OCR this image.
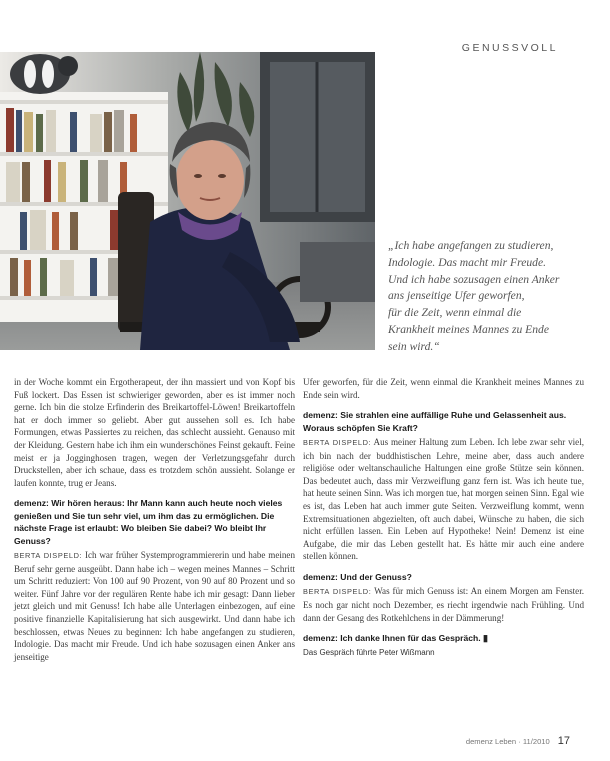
GENUSSVOLL
„Ich habe angefangen zu studieren,
Indologie. Das macht mir Freude.
Und ich habe sozusagen einen Anker
ans jenseitige Ufer geworfen,
für die Zeit, wenn einmal die
Krankheit meines Mannes zu Ende
sein wird.“

in der Woche kommt ein Ergotherapeut, der ihn massiert und von Kopf bis Fuß lockert. Das Essen ist schwieriger geworden, aber es ist immer noch gerne. Ich bin die stolze Erfinderin des Breikartoffel-Löwen! Breikartoffeln hat er doch immer so geliebt. Aber gut aussehen soll es. Ich habe Formungen, etwas Passiertes zu reichen, das schlecht aussieht. Genauso mit der Kleidung. Gestern habe ich ihm ein wunderschönes Feinst gekauft. Feine meist er ja Jogginghosen tragen, wegen der Verletzungsgefahr durch Druckstellen, aber ich schaue, dass es trotzdem schön aussieht. Solange er laufen konnte, trug er Jeans.

demenz: Wir hören heraus: Ihr Mann kann auch heute noch vieles genießen und Sie tun sehr viel, um ihm das zu ermöglichen. Die nächste Frage ist erlaubt: Wo bleiben Sie dabei? Wo bleibt Ihr Genuss?

BERTA DISPELD: Ich war früher Systemprogrammiererin und habe meinen Beruf sehr gerne ausgeübt. Dann habe ich – wegen meines Mannes – Schritt um Schritt reduziert: Von 100 auf 90 Prozent, von 90 auf 80 Prozent und so weiter. Fünf Jahre vor der regulären Rente habe ich mir gesagt: Dann lieber jetzt gleich und mit Genuss! Ich habe alle Unterlagen einbezogen, auf eine positive finanzielle Kapitalisierung hat sich ausgewirkt. Und dann habe ich beschlossen, etwas Neues zu beginnen: Ich habe angefangen zu studieren, Indologie. Das macht mir Freude. Und ich habe sozusagen einen Anker ans jenseitige

Ufer geworfen, für die Zeit, wenn einmal die Krankheit meines Mannes zu Ende sein wird.

demenz: Sie strahlen eine auffällige Ruhe und Gelassenheit aus. Woraus schöpfen Sie Kraft?

BERTA DISPELD: Aus meiner Haltung zum Leben. Ich lebe zwar sehr viel, ich bin nach der buddhistischen Lehre, meine aber, dass auch andere religiöse oder weltanschauliche Haltungen eine große Stütze sein können. Das bedeutet auch, dass mir Verzweiflung ganz fern ist. Was ich heute tue, hat heute seinen Sinn. Was ich morgen tue, hat morgen seinen Sinn. Egal wie es ist, das Leben hat auch immer gute Seiten. Verzweiflung kommt, wenn Extremsituationen abgezielten, oft auch dabei, Wünsche zu haben, die sich nicht erfüllen lassen. Ein Leben auf Hypotheke! Nein! Demenz ist eine Aufgabe, die mir das Leben gestellt hat. Es hätte mir auch eine andere stellen können.

demenz: Und der Genuss?

BERTA DISPELD: Was für mich Genuss ist: An einem Morgen am Fenster. Es noch gar nicht noch Dezember, es riecht irgendwie nach Frühling. Und dann der Gesang des Rotkehlchens in der Dämmerung!

demenz: Ich danke Ihnen für das Gespräch. ▮

Das Gespräch führte Peter Wißmann

demenz Leben · 11/2010 17
